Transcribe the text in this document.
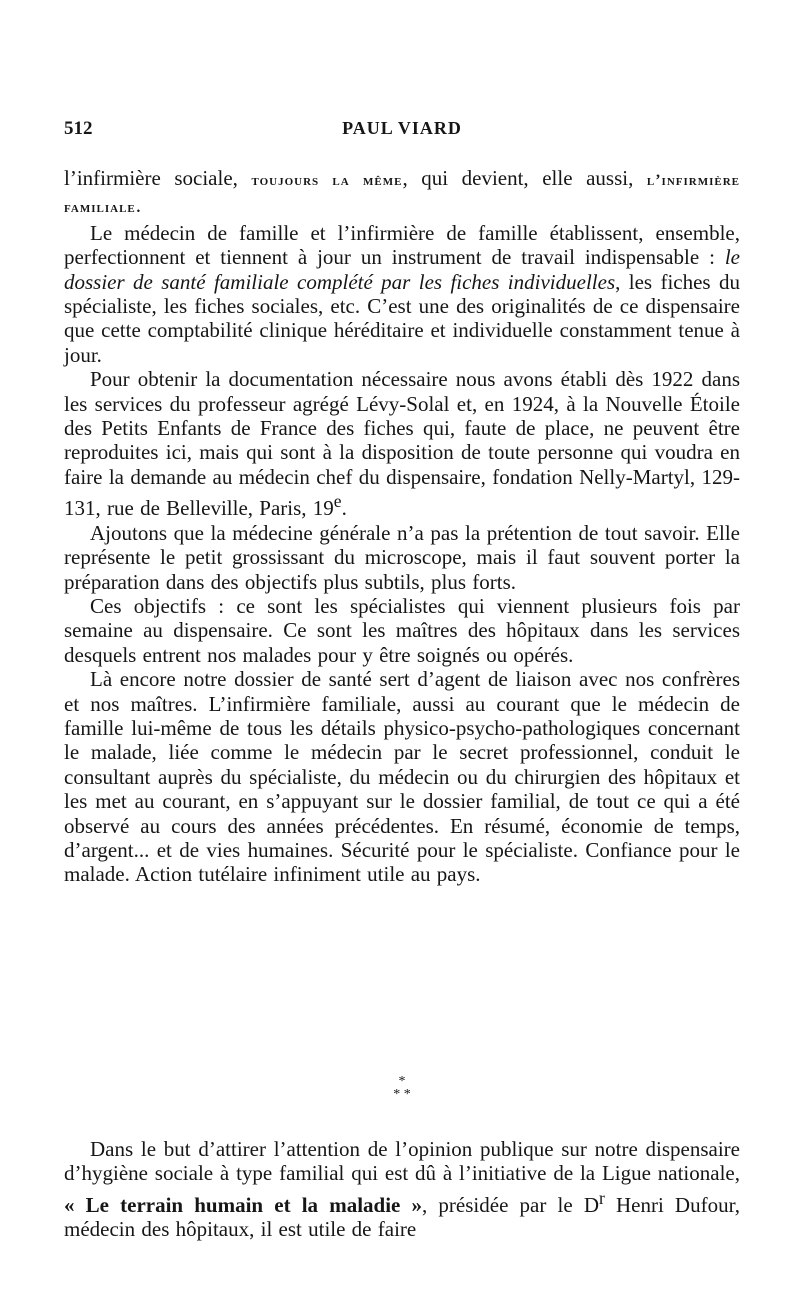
512	PAUL VIARD

l’infirmière sociale, toujours la même, qui devient, elle aussi, l’infirmière familiale.

Le médecin de famille et l’infirmière de famille établissent, ensemble, perfectionnent et tiennent à jour un instrument de travail indispensable : le dossier de santé familiale complété par les fiches individuelles, les fiches du spécialiste, les fiches sociales, etc. C’est une des originalités de ce dispensaire que cette comptabilité clinique héréditaire et individuelle constamment tenue à jour.

Pour obtenir la documentation nécessaire nous avons établi dès 1922 dans les services du professeur agrégé Lévy-Solal et, en 1924, à la Nouvelle Étoile des Petits Enfants de France des fiches qui, faute de place, ne peuvent être reproduites ici, mais qui sont à la disposition de toute personne qui voudra en faire la demande au médecin chef du dispensaire, fondation Nelly-Martyl, 129-131, rue de Belleville, Paris, 19e.

Ajoutons que la médecine générale n’a pas la prétention de tout savoir. Elle représente le petit grossissant du microscope, mais il faut souvent porter la préparation dans des objectifs plus subtils, plus forts.

Ces objectifs : ce sont les spécialistes qui viennent plusieurs fois par semaine au dispensaire. Ce sont les maîtres des hôpitaux dans les services desquels entrent nos malades pour y être soignés ou opérés.

Là encore notre dossier de santé sert d’agent de liaison avec nos confrères et nos maîtres. L’infirmière familiale, aussi au courant que le médecin de famille lui-même de tous les détails physico-psycho-pathologiques concernant le malade, liée comme le médecin par le secret professionnel, conduit le consultant auprès du spécialiste, du médecin ou du chirurgien des hôpitaux et les met au courant, en s’appuyant sur le dossier familial, de tout ce qui a été observé au cours des années précédentes. En résumé, économie de temps, d’argent... et de vies humaines. Sécurité pour le spécialiste. Confiance pour le malade. Action tutélaire infiniment utile au pays.

*
* *

Dans le but d’attirer l’attention de l’opinion publique sur notre dispensaire d’hygiène sociale à type familial qui est dû à l’initiative de la Ligue nationale, « Le terrain humain et la maladie », présidée par le $D^r$ Henri Dufour, médecin des hôpitaux, il est utile de faire
